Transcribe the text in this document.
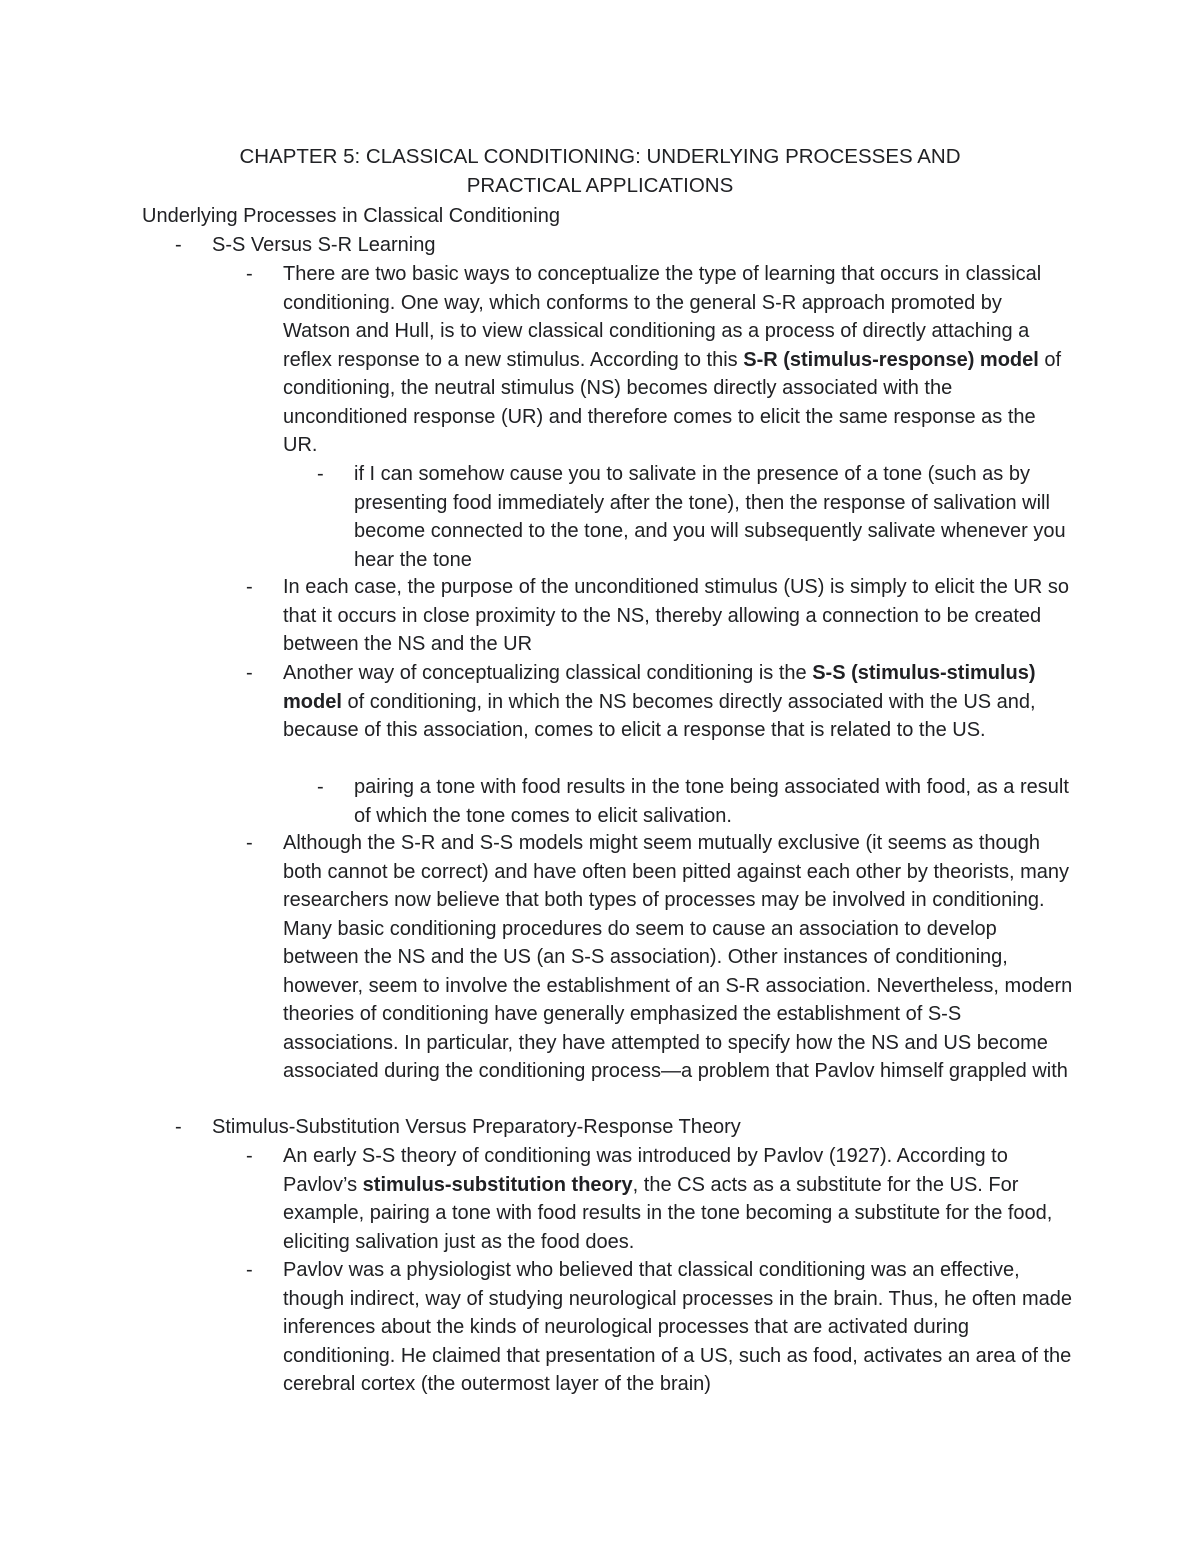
CHAPTER 5: CLASSICAL CONDITIONING: UNDERLYING PROCESSES AND
PRACTICAL APPLICATIONS
Underlying Processes in Classical Conditioning
- S-S Versus S-R Learning
- There are two basic ways to conceptualize the type of learning that occurs in classical conditioning. One way, which conforms to the general S-R approach promoted by Watson and Hull, is to view classical conditioning as a process of directly attaching a reflex response to a new stimulus. According to this S-R (stimulus-response) model of conditioning, the neutral stimulus (NS) becomes directly associated with the unconditioned response (UR) and therefore comes to elicit the same response as the UR.

- if I can somehow cause you to salivate in the presence of a tone (such as by presenting food immediately after the tone), then the response of salivation will become connected to the tone, and you will subsequently salivate whenever you hear the tone

- In each case, the purpose of the unconditioned stimulus (US) is simply to elicit the UR so that it occurs in close proximity to the NS, thereby allowing a connection to be created between the NS and the UR

- Another way of conceptualizing classical conditioning is the S-S (stimulus-stimulus) model of conditioning, in which the NS becomes directly associated with the US and, because of this association, comes to elicit a response that is related to the US.

- pairing a tone with food results in the tone being associated with food, as a result of which the tone comes to elicit salivation.

- Although the S-R and S-S models might seem mutually exclusive (it seems as though both cannot be correct) and have often been pitted against each other by theorists, many researchers now believe that both types of processes may be involved in conditioning. Many basic conditioning procedures do seem to cause an association to develop between the NS and the US (an S-S association). Other instances of conditioning, however, seem to involve the establishment of an S-R association. Nevertheless, modern theories of conditioning have generally emphasized the establishment of S-S associations. In particular, they have attempted to specify how the NS and US become associated during the conditioning process—a problem that Pavlov himself grappled with

- Stimulus-Substitution Versus Preparatory-Response Theory
- An early S-S theory of conditioning was introduced by Pavlov (1927). According to Pavlov’s stimulus-substitution theory, the CS acts as a substitute for the US. For example, pairing a tone with food results in the tone becoming a substitute for the food, eliciting salivation just as the food does.

- Pavlov was a physiologist who believed that classical conditioning was an effective, though indirect, way of studying neurological processes in the brain. Thus, he often made inferences about the kinds of neurological processes that are activated during conditioning. He claimed that presentation of a US, such as food, activates an area of the cerebral cortex (the outermost layer of the brain)
